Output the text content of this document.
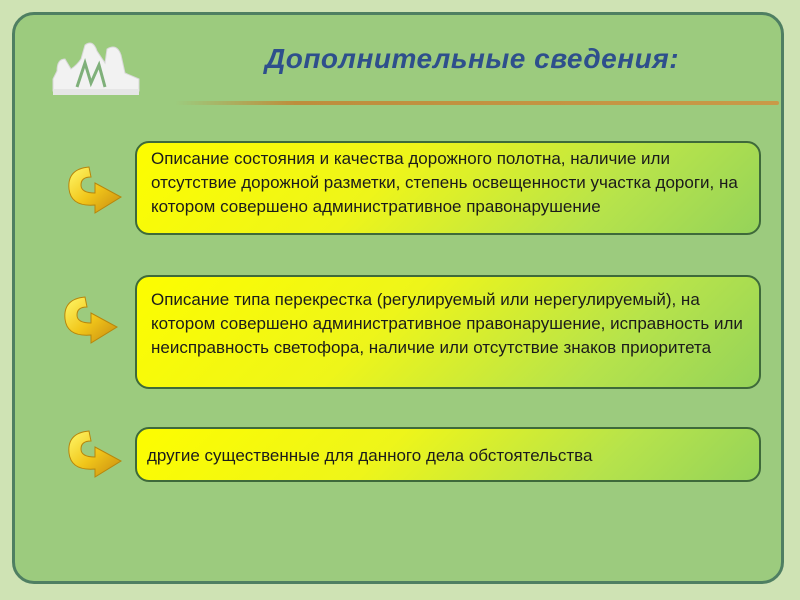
Дополнительные сведения:
Описание состояния и качества дорожного полотна, наличие или отсутствие дорожной разметки, степень освещенности участка дороги, на котором совершено административное правонарушение
Описание типа перекрестка (регулируемый или нерегулируемый), на котором совершено административное правонарушение, исправность или неисправность светофора, наличие или отсутствие знаков приоритета
другие существенные для данного дела обстоятельства
